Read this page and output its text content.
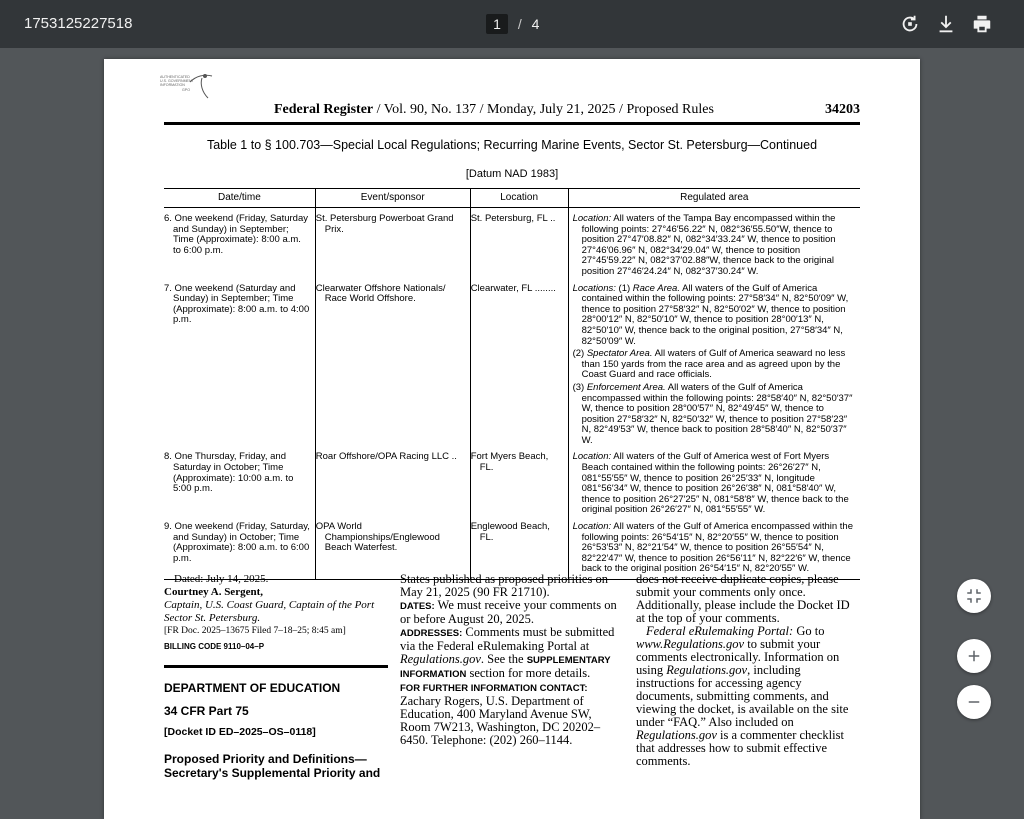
1753125227518	1 / 4
AUTHENTICATED
U.S. GOVERNMENT
INFORMATION
GPO
Federal Register / Vol. 90, No. 137 / Monday, July 21, 2025 / Proposed Rules	34203
Table 1 to § 100.703—Special Local Regulations; Recurring Marine Events, Sector St. Petersburg—Continued
[Datum NAD 1983]
Date/time	Event/sponsor	Location	Regulated area
6. One weekend (Friday, Saturday and Sunday) in September; Time (Approximate): 8:00 a.m. to 6:00 p.m.	St. Petersburg Powerboat Grand Prix.	St. Petersburg, FL ..	Location: All waters of the Tampa Bay encompassed within the following points: 27°46′56.22″ N, 082°36′55.50″W, thence to position 27°47′08.82″ N, 082°34′33.24″ W, thence to position 27°46′06.96″ N, 082°34′29.04″ W, thence to position 27°45′59.22″ N, 082°37′02.88″W, thence back to the original position 27°46′24.24″ N, 082°37′30.24″ W.

7. One weekend (Saturday and Sunday) in September; Time (Approximate): 8:00 a.m. to 4:00 p.m.	Clearwater Offshore Nationals/ Race World Offshore.	Clearwater, FL ........	Locations: (1) Race Area. All waters of the Gulf of America contained within the following points: 27°58′34″ N, 82°50′09″ W, thence to position 27°58′32″ N, 82°50′02″ W, thence to position 28°00′12″ N, 82°50′10″ W, thence to position 28°00′13″ N, 82°50′10″ W, thence back to the original position, 27°58′34″ N, 82°50′09″ W.

(2) Spectator Area. All waters of Gulf of America seaward no less than 150 yards from the race area and as agreed upon by the Coast Guard and race officials.

(3) Enforcement Area. All waters of the Gulf of America encompassed within the following points: 28°58′40″ N, 82°50′37″ W, thence to position 28°00′57″ N, 82°49′45″ W, thence to position 27°58′32″ N, 82°50′32″ W, thence to position 27°58′23″ N, 82°49′53″ W, thence back to position 28°58′40″ N, 82°50′37″ W.

8. One Thursday, Friday, and Saturday in October; Time (Approximate): 10:00 a.m. to 5:00 p.m.	Roar Offshore/OPA Racing LLC ..	Fort Myers Beach, FL.	Location: All waters of the Gulf of America west of Fort Myers Beach contained within the following points: 26°26′27″ N, 081°55′55″ W, thence to position 26°25′33″ N, longitude 081°56′34″ W, thence to position 26°26′38″ N, 081°58′40″ W, thence to position 26°27′25″ N, 081°58′8″ W, thence back to the original position 26°26′27″ N, 081°55′55″ W.

9. One weekend (Friday, Saturday, and Sunday) in October; Time (Approximate): 8:00 a.m. to 6:00 p.m.	OPA World Championships/Englewood Beach Waterfest.	Englewood Beach, FL.	Location: All waters of the Gulf of America encompassed within the following points: 26°54′15″ N, 82°20′55″ W, thence to position 26°53′53″ N, 82°21′54″ W, thence to position 26°55′54″ N, 82°22′47″ W, thence to position 26°56′11″ N, 82°22′6″ W, thence back to the original position 26°54′15″ N, 82°20′55″ W.

Dated: July 14, 2025.
Courtney A. Sergent,
Captain, U.S. Coast Guard, Captain of the Port Sector St. Petersburg.
[FR Doc. 2025–13675 Filed 7–18–25; 8:45 am]
BILLING CODE 9110–04–P
DEPARTMENT OF EDUCATION
34 CFR Part 75
[Docket ID ED–2025–OS–0118]
Proposed Priority and Definitions—Secretary's Supplemental Priority and
States published as proposed priorities on May 21, 2025 (90 FR 21710).
DATES: We must receive your comments on or before August 20, 2025.
ADDRESSES: Comments must be submitted via the Federal eRulemaking Portal at Regulations.gov. See the SUPPLEMENTARY INFORMATION section for more details.
FOR FURTHER INFORMATION CONTACT:
Zachary Rogers, U.S. Department of Education, 400 Maryland Avenue SW, Room 7W213, Washington, DC 20202–6450. Telephone: (202) 260–1144.
does not receive duplicate copies, please submit your comments only once. Additionally, please include the Docket ID at the top of your comments.
Federal eRulemaking Portal: Go to www.Regulations.gov to submit your comments electronically. Information on using Regulations.gov, including instructions for accessing agency documents, submitting comments, and viewing the docket, is available on the site under “FAQ.” Also included on Regulations.gov is a commenter checklist that addresses how to submit effective comments.
